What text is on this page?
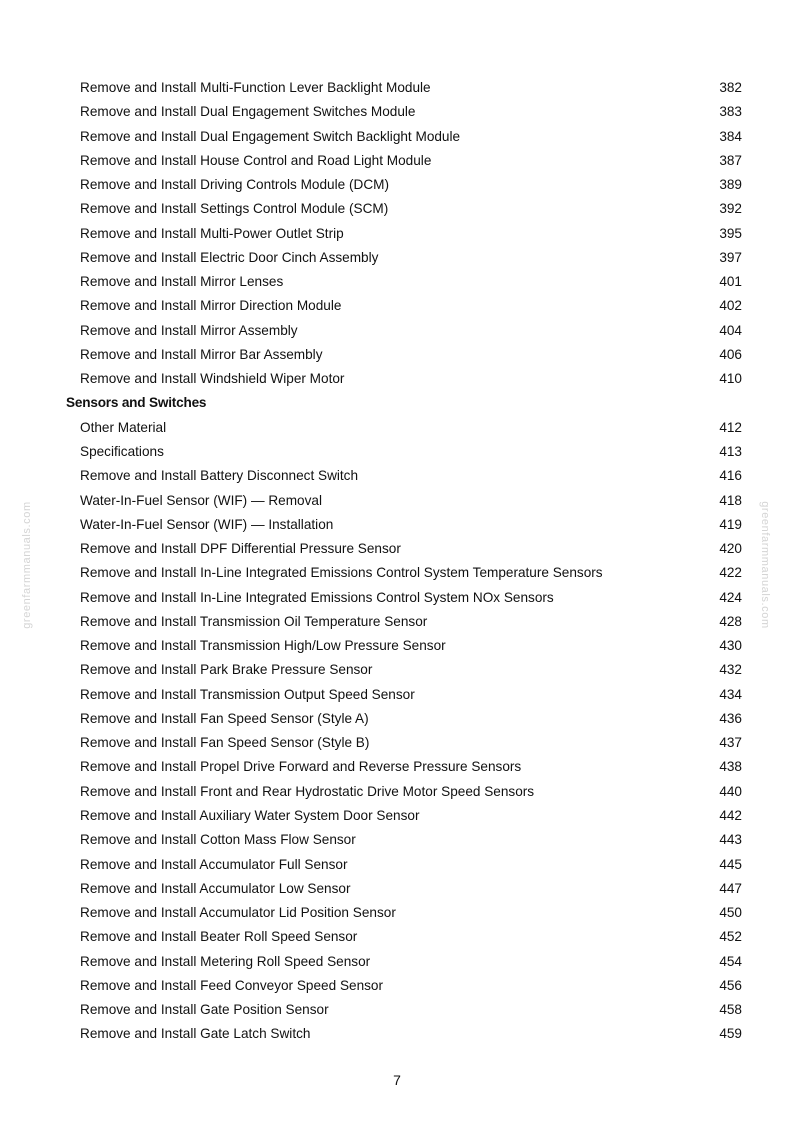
Remove and Install Multi-Function Lever Backlight Module	382
Remove and Install Dual Engagement Switches Module	383
Remove and Install Dual Engagement Switch Backlight Module	384
Remove and Install House Control and Road Light Module	387
Remove and Install Driving Controls Module (DCM)	389
Remove and Install Settings Control Module (SCM)	392
Remove and Install Multi-Power Outlet Strip	395
Remove and Install Electric Door Cinch Assembly	397
Remove and Install Mirror Lenses	401
Remove and Install Mirror Direction Module	402
Remove and Install Mirror Assembly	404
Remove and Install Mirror Bar Assembly	406
Remove and Install Windshield Wiper Motor	410
Sensors and Switches
Other Material	412
Specifications	413
Remove and Install Battery Disconnect Switch	416
Water-In-Fuel Sensor (WIF) — Removal	418
Water-In-Fuel Sensor (WIF) — Installation	419
Remove and Install DPF Differential Pressure Sensor	420
Remove and Install In-Line Integrated Emissions Control System Temperature Sensors	422
Remove and Install In-Line Integrated Emissions Control System NOx Sensors	424
Remove and Install Transmission Oil Temperature Sensor	428
Remove and Install Transmission High/Low Pressure Sensor	430
Remove and Install Park Brake Pressure Sensor	432
Remove and Install Transmission Output Speed Sensor	434
Remove and Install Fan Speed Sensor (Style A)	436
Remove and Install Fan Speed Sensor (Style B)	437
Remove and Install Propel Drive Forward and Reverse Pressure Sensors	438
Remove and Install Front and Rear Hydrostatic Drive Motor Speed Sensors	440
Remove and Install Auxiliary Water System Door Sensor	442
Remove and Install Cotton Mass Flow Sensor	443
Remove and Install Accumulator Full Sensor	445
Remove and Install Accumulator Low Sensor	447
Remove and Install Accumulator Lid Position Sensor	450
Remove and Install Beater Roll Speed Sensor	452
Remove and Install Metering Roll Speed Sensor	454
Remove and Install Feed Conveyor Speed Sensor	456
Remove and Install Gate Position Sensor	458
Remove and Install Gate Latch Switch	459
greenfarmmanuals.com	greenfarmmanuals.com
7
